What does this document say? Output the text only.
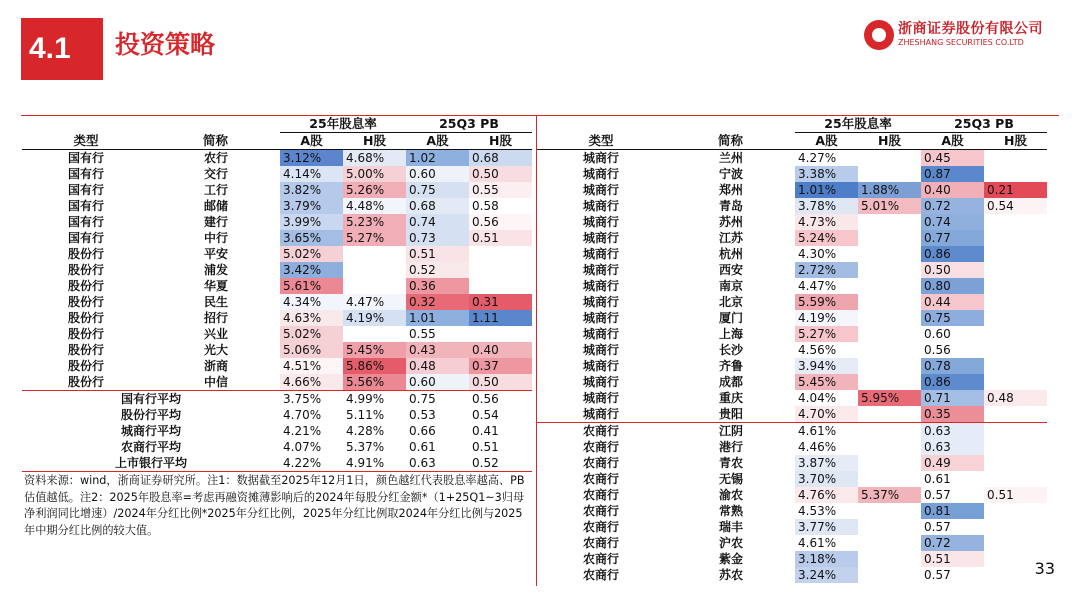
4.1	投资策略
浙商证券股份有限公司
ZHESHANG SECURITIES CO.LTD
		25年股息率		25Q3 PB	
类型	简称	A股	H股	A股	H股
国有行	农行	3.12%	4.68%	1.02	0.68
国有行	交行	4.14%	5.00%	0.60	0.50
国有行	工行	3.82%	5.26%	0.75	0.55
国有行	邮储	3.79%	4.48%	0.68	0.58
国有行	建行	3.99%	5.23%	0.74	0.56
国有行	中行	3.65%	5.27%	0.73	0.51
股份行	平安	5.02%		0.51	
股份行	浦发	3.42%		0.52	
股份行	华夏	5.61%		0.36	
股份行	民生	4.34%	4.47%	0.32	0.31
股份行	招行	4.63%	4.19%	1.01	1.11
股份行	兴业	5.02%		0.55	
股份行	光大	5.06%	5.45%	0.43	0.40
股份行	浙商	4.51%	5.86%	0.48	0.37
股份行	中信	4.66%	5.56%	0.60	0.50
国有行平均		3.75%	4.99%	0.75	0.56
股份行平均		4.70%	5.11%	0.53	0.54
城商行平均		4.21%	4.28%	0.66	0.41
农商行平均		4.07%	5.37%	0.61	0.51
上市银行平均		4.22%	4.91%	0.63	0.52

		25年股息率		25Q3 PB	
类型	简称	A股	H股	A股	H股
城商行	兰州	4.27%		0.45	
城商行	宁波	3.38%		0.87	
城商行	郑州	1.01%	1.88%	0.40	0.21
城商行	青岛	3.78%	5.01%	0.72	0.54
城商行	苏州	4.73%		0.74	
城商行	江苏	5.24%		0.77	
城商行	杭州	4.30%		0.86	
城商行	西安	2.72%		0.50	
城商行	南京	4.47%		0.80	
城商行	北京	5.59%		0.44	
城商行	厦门	4.19%		0.75	
城商行	上海	5.27%		0.60	
城商行	长沙	4.56%		0.56	
城商行	齐鲁	3.94%		0.78	
城商行	成都	5.45%		0.86	
城商行	重庆	4.04%	5.95%	0.71	0.48
城商行	贵阳	4.70%		0.35	
农商行	江阴	4.61%		0.63	
农商行	港行	4.46%		0.63	
农商行	青农	3.87%		0.49	
农商行	无锡	3.70%		0.61	
农商行	渝农	4.76%	5.37%	0.57	0.51
农商行	常熟	4.53%		0.81	
农商行	瑞丰	3.77%		0.57	
农商行	沪农	4.61%		0.72	
农商行	紫金	3.18%		0.51	
农商行	苏农	3.24%		0.57	
资料来源：wind，浙商证券研究所。注1：数据截至2025年12月1日，颜色越红代表股息率越高、PB估值越低。注2：2025年股息率=考虑再融资摊薄影响后的2024年每股分红金额*（1+25Q1~3归母净利润同比增速）/2024年分红比例*2025年分红比例，2025年分红比例取2024年分红比例与2025年中期分红比例的较大值。
33
